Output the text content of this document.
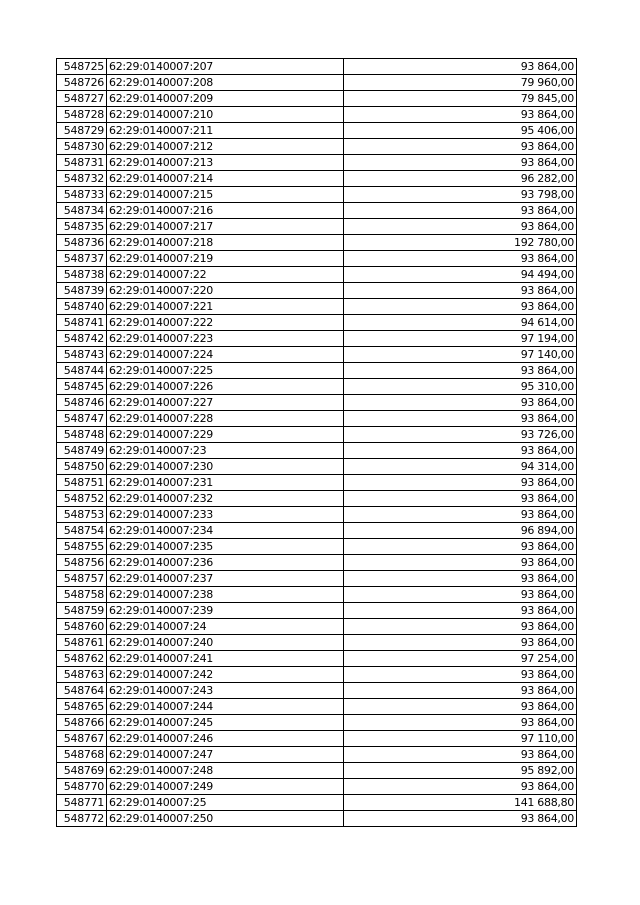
548725	62:29:0140007:207	93 864,00
548726	62:29:0140007:208	79 960,00
548727	62:29:0140007:209	79 845,00
548728	62:29:0140007:210	93 864,00
548729	62:29:0140007:211	95 406,00
548730	62:29:0140007:212	93 864,00
548731	62:29:0140007:213	93 864,00
548732	62:29:0140007:214	96 282,00
548733	62:29:0140007:215	93 798,00
548734	62:29:0140007:216	93 864,00
548735	62:29:0140007:217	93 864,00
548736	62:29:0140007:218	192 780,00
548737	62:29:0140007:219	93 864,00
548738	62:29:0140007:22	94 494,00
548739	62:29:0140007:220	93 864,00
548740	62:29:0140007:221	93 864,00
548741	62:29:0140007:222	94 614,00
548742	62:29:0140007:223	97 194,00
548743	62:29:0140007:224	97 140,00
548744	62:29:0140007:225	93 864,00
548745	62:29:0140007:226	95 310,00
548746	62:29:0140007:227	93 864,00
548747	62:29:0140007:228	93 864,00
548748	62:29:0140007:229	93 726,00
548749	62:29:0140007:23	93 864,00
548750	62:29:0140007:230	94 314,00
548751	62:29:0140007:231	93 864,00
548752	62:29:0140007:232	93 864,00
548753	62:29:0140007:233	93 864,00
548754	62:29:0140007:234	96 894,00
548755	62:29:0140007:235	93 864,00
548756	62:29:0140007:236	93 864,00
548757	62:29:0140007:237	93 864,00
548758	62:29:0140007:238	93 864,00
548759	62:29:0140007:239	93 864,00
548760	62:29:0140007:24	93 864,00
548761	62:29:0140007:240	93 864,00
548762	62:29:0140007:241	97 254,00
548763	62:29:0140007:242	93 864,00
548764	62:29:0140007:243	93 864,00
548765	62:29:0140007:244	93 864,00
548766	62:29:0140007:245	93 864,00
548767	62:29:0140007:246	97 110,00
548768	62:29:0140007:247	93 864,00
548769	62:29:0140007:248	95 892,00
548770	62:29:0140007:249	93 864,00
548771	62:29:0140007:25	141 688,80
548772	62:29:0140007:250	93 864,00
